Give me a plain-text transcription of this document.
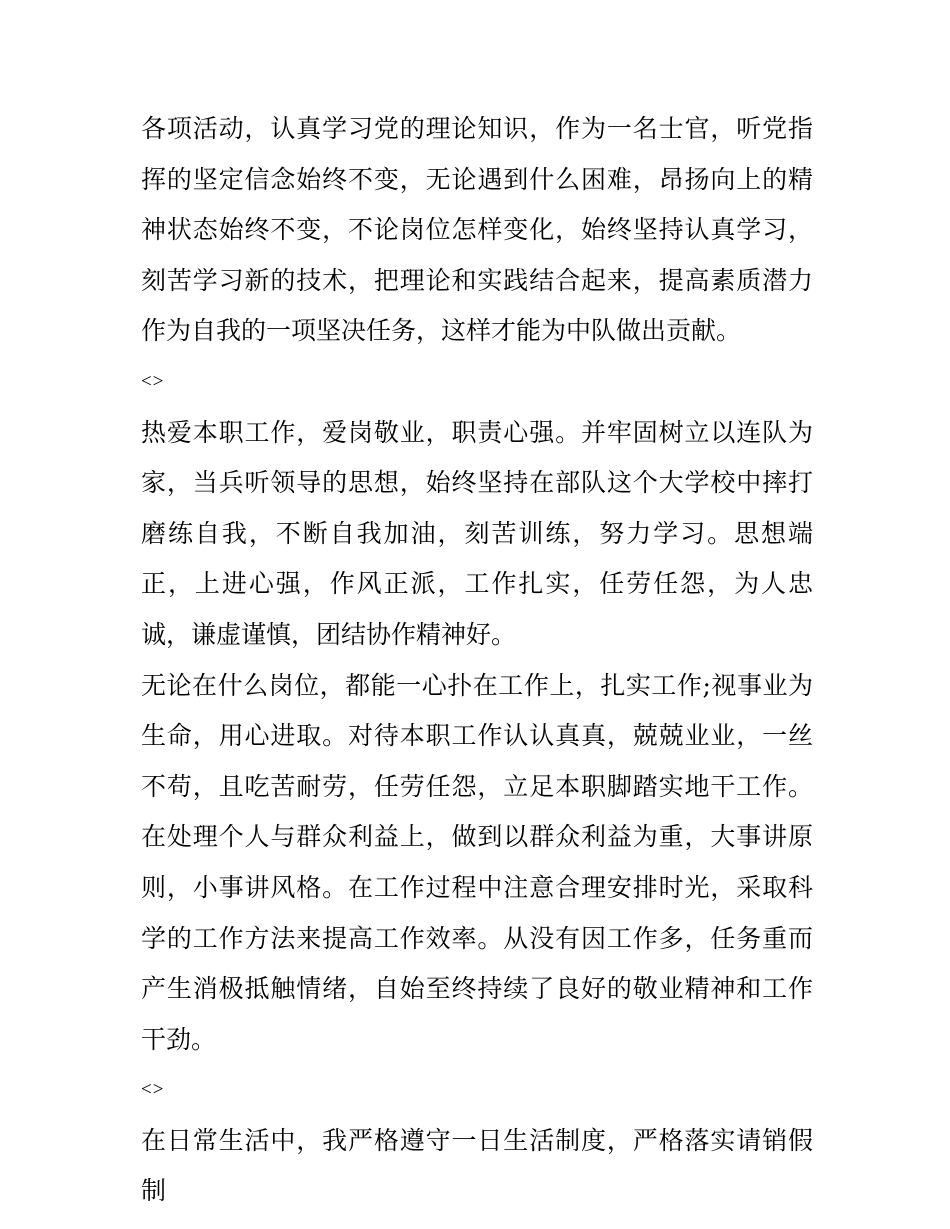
各项活动，认真学习党的理论知识，作为一名士官，听党指挥的坚定信念始终不变，无论遇到什么困难，昂扬向上的精神状态始终不变，不论岗位怎样变化，始终坚持认真学习，刻苦学习新的技术，把理论和实践结合起来，提高素质潜力作为自我的一项坚决任务，这样才能为中队做出贡献。

<>

热爱本职工作，爱岗敬业，职责心强。并牢固树立以连队为家，当兵听领导的思想，始终坚持在部队这个大学校中摔打磨练自我，不断自我加油，刻苦训练，努力学习。思想端正，上进心强，作风正派，工作扎实，任劳任怨，为人忠诚，谦虚谨慎，团结协作精神好。

无论在什么岗位，都能一心扑在工作上，扎实工作;视事业为生命，用心进取。对待本职工作认认真真，兢兢业业，一丝不苟，且吃苦耐劳，任劳任怨，立足本职脚踏实地干工作。在处理个人与群众利益上，做到以群众利益为重，大事讲原则，小事讲风格。在工作过程中注意合理安排时光，采取科学的工作方法来提高工作效率。从没有因工作多，任务重而产生消极抵触情绪，自始至终持续了良好的敬业精神和工作干劲。

<>

在日常生活中，我严格遵守一日生活制度，严格落实请销假制
